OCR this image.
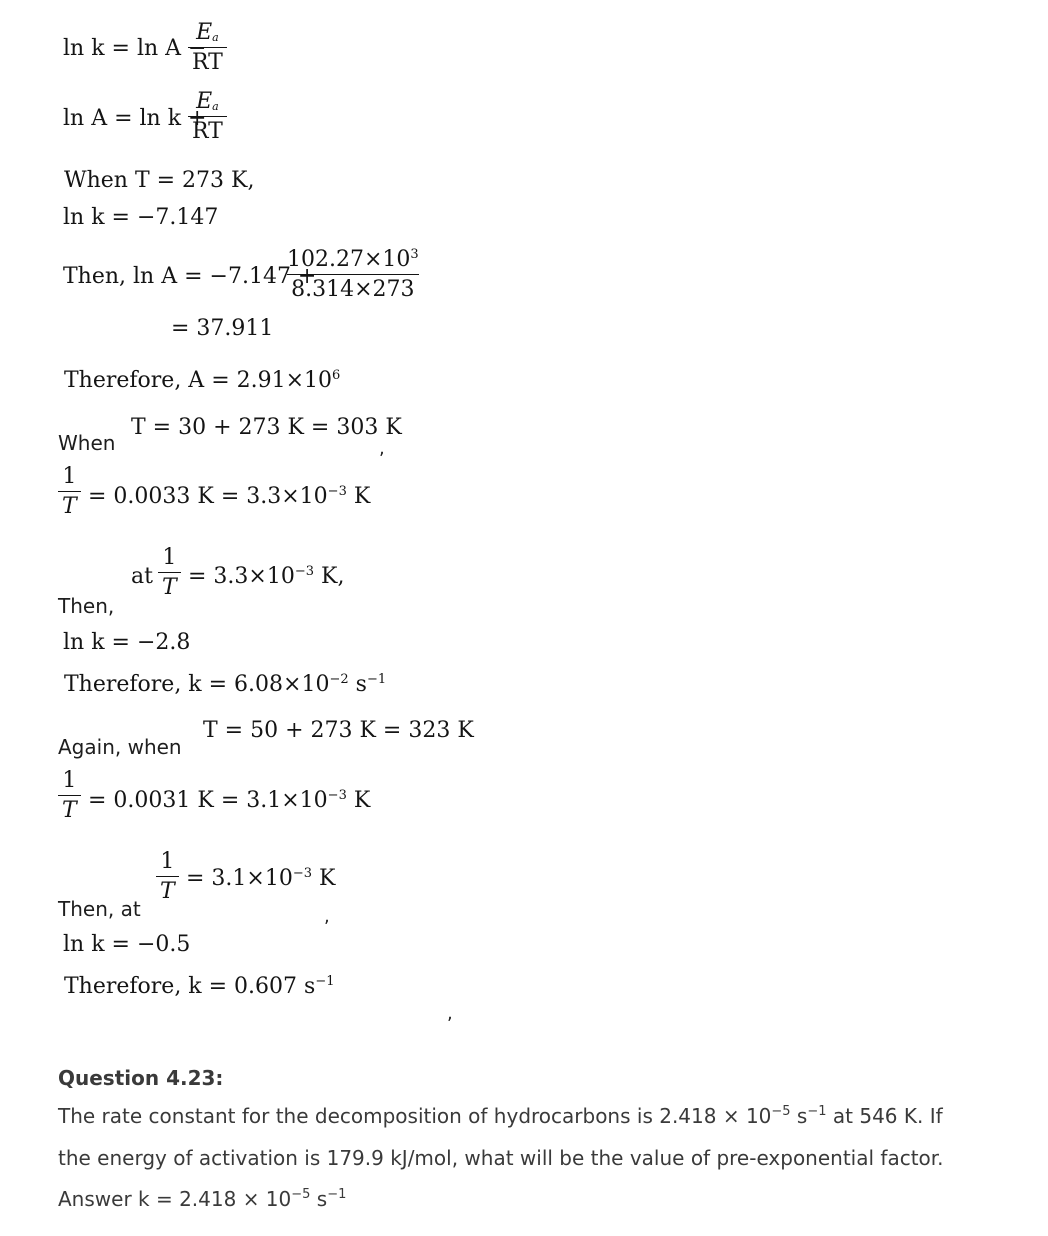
ln k = ln A −
$\frac{E_a}{RT}$
ln A = ln k +
$\frac{E_a}{RT}$
When T = 273 K,
ln k = −7.147
Then, ln A = −7.147 +
$\frac{102.27\times 10^3}{8.314\times 273}$
= 37.911
Therefore, $A = 2.91\times 10^6$
When
T = 30 + 273 K = 303 K
,
$\frac{1}{T} = 0.0033$ $K = 3.3\times 10^{-3}$ K
at $\frac{1}{T} = 3.3\times 10^{-3}$ K,
Then,
ln k = −2.8
Therefore, $k = 6.08\times 10^{-2}$ $s^{-1}$
T = 50 + 273 K = 323 K
Again, when
$\frac{1}{T} = 0.0031$ $K = 3.1\times 10^{-3}$ K
$\frac{1}{T} = 3.1\times 10^{-3}$ K
,
Then, at
ln k = −0.5
Therefore, k = 0.607 $s^{-1}$
,
Question 4.23:
The rate constant for the decomposition of hydrocarbons is $2.418 \times 10^{-5}$ $s^{-1}$ at 546 K. If
the energy of activation is 179.9 kJ/mol, what will be the value of pre-exponential factor.
Answer $k = 2.418 \times 10^{-5}$ $s^{-1}$
